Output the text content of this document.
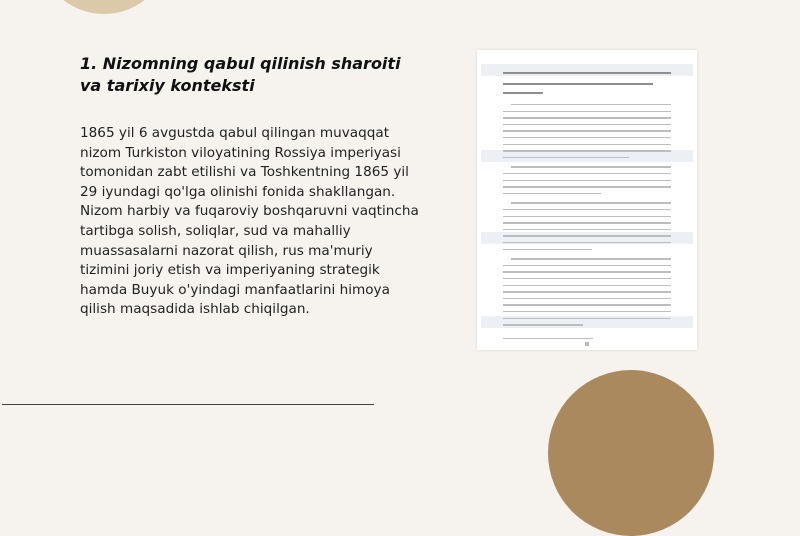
1. Nizomning qabul qilinish sharoiti va tarixiy konteksti

1865 yil 6 avgustda qabul qilingan muvaqqat nizom Turkiston viloyatining Rossiya imperiyasi tomonidan zabt etilishi va Toshkentning 1865 yil 29 iyundagi qo'lga olinishi fonida shakllangan. Nizom harbiy va fuqaroviy boshqaruvni vaqtincha tartibga solish, soliqlar, sud va mahalliy muassasalarni nazorat qilish, rus ma'muriy tizimini joriy etish va imperiyaning strategik hamda Buyuk o'yindagi manfaatlarini himoya qilish maqsadida ishlab chiqilgan.
